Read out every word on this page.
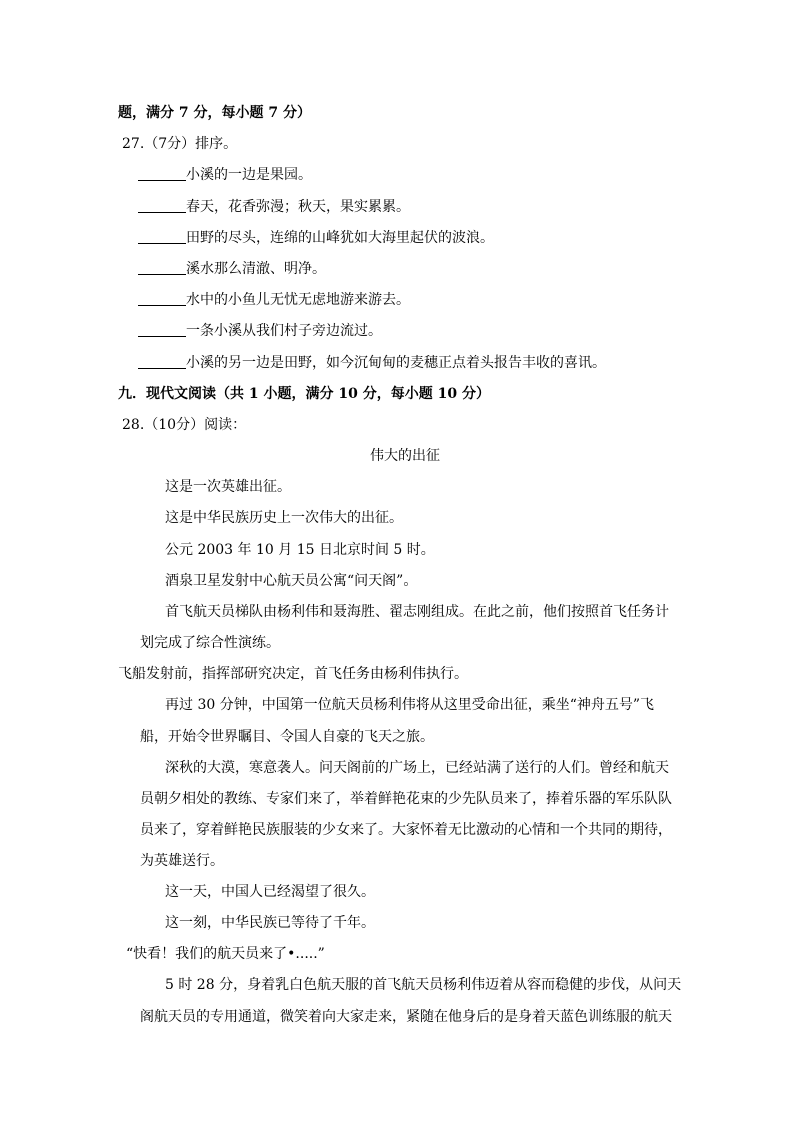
题，满分 7 分，每小题 7 分）
27.（7分）排序。
小溪的一边是果园。
春天，花香弥漫；秋天，果实累累。
田野的尽头，连绵的山峰犹如大海里起伏的波浪。
溪水那么清澈、明净。
水中的小鱼儿无忧无虑地游来游去。
一条小溪从我们村子旁边流过。
小溪的另一边是田野，如今沉甸甸的麦穗正点着头报告丰收的喜讯。
九．现代文阅读（共 1 小题，满分 10 分，每小题 10 分）
28.（10分）阅读：
伟大的出征
这是一次英雄出征。
这是中华民族历史上一次伟大的出征。
公元 2003 年 10 月 15 日北京时间 5 时。
酒泉卫星发射中心航天员公寓“问天阁”。
首飞航天员梯队由杨利伟和聂海胜、翟志刚组成。在此之前，他们按照首飞任务计
划完成了综合性演练。
飞船发射前，指挥部研究决定，首飞任务由杨利伟执行。
再过 30 分钟，中国第一位航天员杨利伟将从这里受命出征，乘坐“神舟五号”飞
船，开始令世界瞩目、令国人自豪的飞天之旅。
深秋的大漠，寒意袭人。问天阁前的广场上，已经站满了送行的人们。曾经和航天
员朝夕相处的教练、专家们来了，举着鲜艳花束的少先队员来了，捧着乐器的军乐队队
员来了，穿着鲜艳民族服装的少女来了。大家怀着无比激动的心情和一个共同的期待，
为英雄送行。
这一天，中国人已经渴望了很久。
这一刻，中华民族已等待了千年。
“快看！我们的航天员来了•.....”
5 时 28 分，身着乳白色航天服的首飞航天员杨利伟迈着从容而稳健的步伐，从问天
阁航天员的专用通道，微笑着向大家走来，紧随在他身后的是身着天蓝色训练服的航天
